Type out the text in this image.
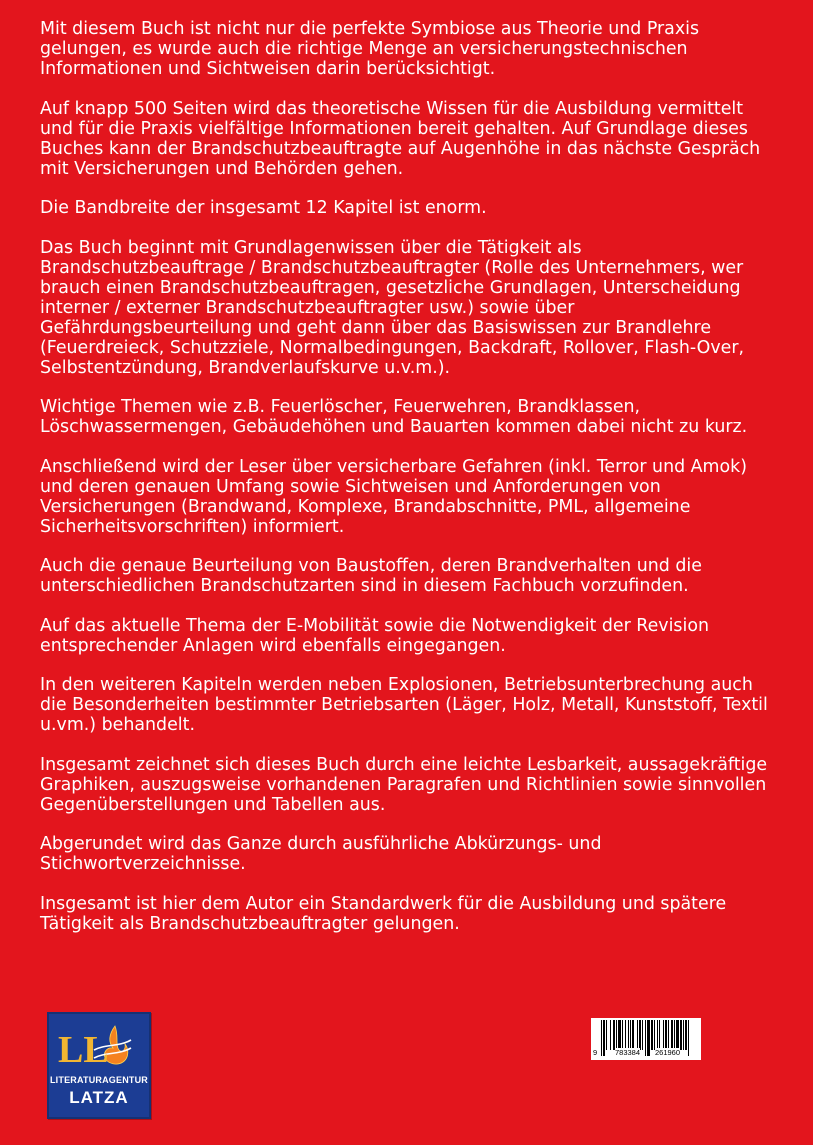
Mit diesem Buch ist nicht nur die perfekte Symbiose aus Theorie und Praxis gelungen, es wurde auch die richtige Menge an versicherungstechnischen Informationen und Sichtweisen darin berücksichtigt.

Auf knapp 500 Seiten wird das theoretische Wissen für die Ausbildung vermittelt und für die Praxis vielfältige Informationen bereit gehalten. Auf Grundlage dieses Buches kann der Brandschutzbeauftragte auf Augenhöhe in das nächste Gespräch mit Versicherungen und Behörden gehen.

Die Bandbreite der insgesamt 12 Kapitel ist enorm.

Das Buch beginnt mit Grundlagenwissen über die Tätigkeit als Brandschutzbeauftrage / Brandschutzbeauftragter (Rolle des Unternehmers, wer brauch einen Brandschutzbeauftragen, gesetzliche Grundlagen, Unterscheidung interner / externer Brandschutzbeauftragter usw.) sowie über Gefährdungsbeurteilung und geht dann über das Basiswissen zur Brandlehre (Feuerdreieck, Schutzziele, Normalbedingungen, Backdraft, Rollover, Flash-Over, Selbstentzündung, Brandverlaufskurve u.v.m.).

Wichtige Themen wie z.B. Feuerlöscher, Feuerwehren, Brandklassen, Löschwassermengen, Gebäudehöhen und Bauarten kommen dabei nicht zu kurz.

Anschließend wird der Leser über versicherbare Gefahren (inkl. Terror und Amok) und deren genauen Umfang sowie Sichtweisen und Anforderungen von Versicherungen (Brandwand, Komplexe, Brandabschnitte, PML, allgemeine Sicherheitsvorschriften) informiert.

Auch die genaue Beurteilung von Baustoffen, deren Brandverhalten und die unterschiedlichen Brandschutzarten sind in diesem Fachbuch vorzufinden.

Auf das aktuelle Thema der E-Mobilität sowie die Notwendigkeit der Revision entsprechender Anlagen wird ebenfalls eingegangen.

In den weiteren Kapiteln werden neben Explosionen, Betriebsunterbrechung auch die Besonderheiten bestimmter Betriebsarten (Läger, Holz, Metall, Kunststoff, Textil u.vm.) behandelt.

Insgesamt zeichnet sich dieses Buch durch eine leichte Lesbarkeit, aussagekräftige Graphiken, auszugsweise vorhandenen Paragrafen und Richtlinien sowie sinnvollen Gegenüberstellungen und Tabellen aus.

Abgerundet wird das Ganze durch ausführliche Abkürzungs- und Stichwortverzeichnisse.

Insgesamt ist hier dem Autor ein Standardwerk für die Ausbildung und spätere Tätigkeit als Brandschutzbeauftragter gelungen.

LL
LITERATURAGENTUR
LATZA
9 783384 261960
